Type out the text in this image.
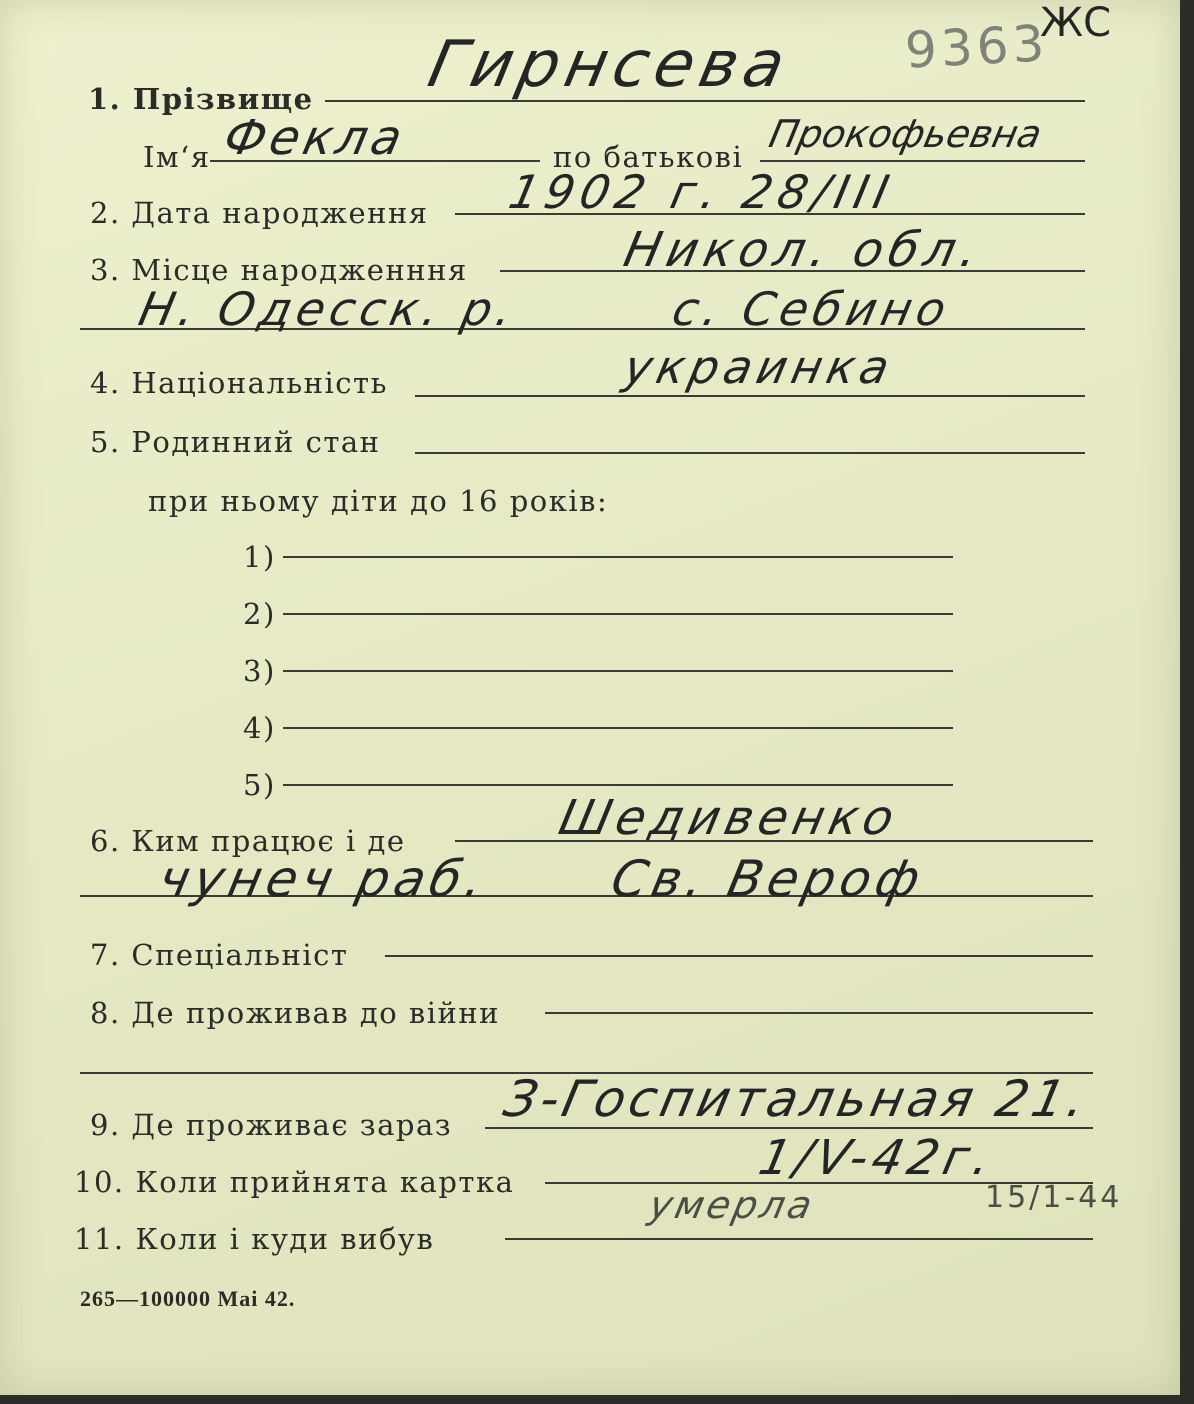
9363
ЖС
1. Прізвище Гирнсева
Ім‘я Фекла	по батькові
Прокофьевна
2. Дата народження 1902 г. 28/III
3. Місце народженння	Никол. обл.
Н. Одесск. р.        с. Себино
4. Національність	украинка
5. Родинний стан
при ньому діти до 16 років:
1)
2)
3)
4)
5)
6. Ким працює і де	Шедивенко
чунеч раб.      Св. Вероф
7. Спеціальніст
8. Де проживав до війни
9. Де проживає зараз З-Госпитальная 21.
10. Коли прийнята картка	1/V-42г.
11. Коли і куди вибув
умерла	15/1-44
265—100000 Mai 42.
